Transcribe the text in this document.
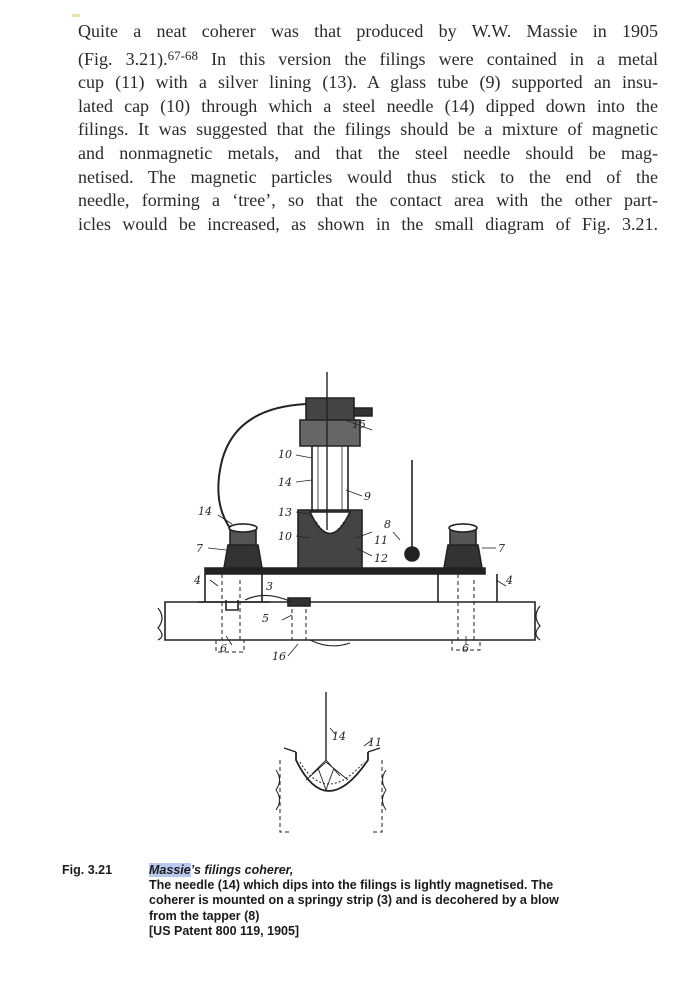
Quite a neat coherer was that produced by W.W. Massie in 1905
(Fig. 3.21).$^{67-68}$ In this version the filings were contained in a metal
cup (11) with a silver lining (13). A glass tube (9) supported an insu-
lated cap (10) through which a steel needle (14) dipped down into the
filings. It was suggested that the filings should be a mixture of magnetic
and nonmagnetic metals, and that the steel needle should be mag-
netised. The magnetic particles would thus stick to the end of the
needle, forming a ‘tree’, so that the contact area with the other part-
icles would be increased, as shown in the small diagram of Fig. 3.21.
15
10
14
9
13
10
14
8
11
12
7	7
4	4
3
5
6	6
16
14 11
Fig. 3.21	Massie’s filings coherer,
The needle (14) which dips into the filings is lightly magnetised. The
coherer is mounted on a springy strip (3) and is decohered by a blow
from the tapper (8)
[US Patent 800 119, 1905]
